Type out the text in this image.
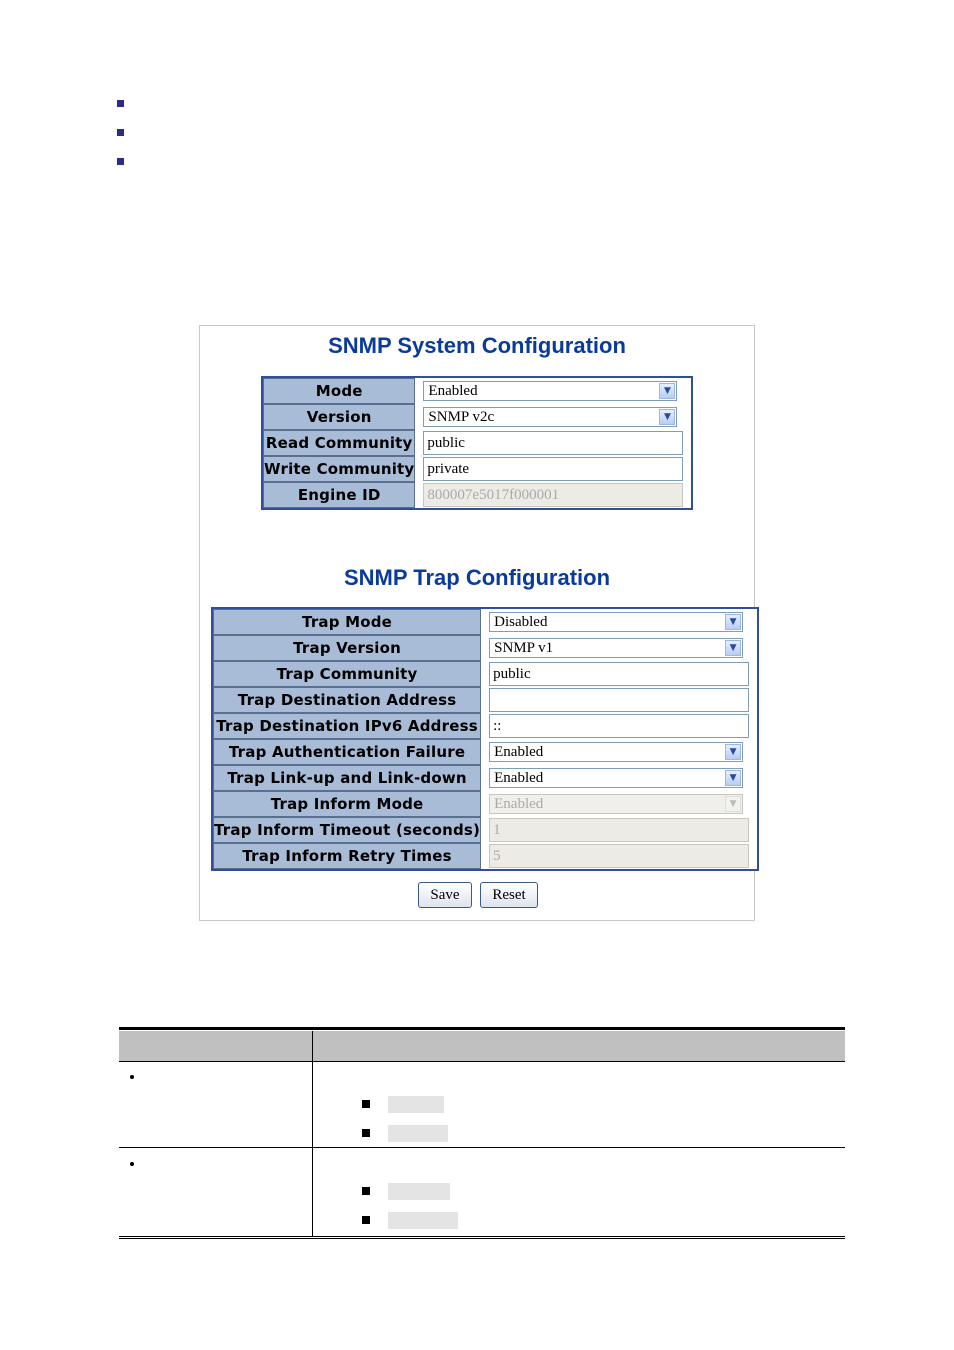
SNMP System Configuration
Mode	Enabled ▼

Version	SNMP v2c ▼

Read Community	public

Write Community	private

Engine ID	800007e5017f000001
SNMP Trap Configuration
Trap Mode	Disabled ▼

Trap Version	SNMP v1 ▼

Trap Community	public

Trap Destination Address	

Trap Destination IPv6 Address	::

Trap Authentication Failure	Enabled ▼

Trap Link-up and Link-down	Enabled ▼

Trap Inform Mode	Enabled ▼

Trap Inform Timeout (seconds)	1

Trap Inform Retry Times	5
Save	Reset
